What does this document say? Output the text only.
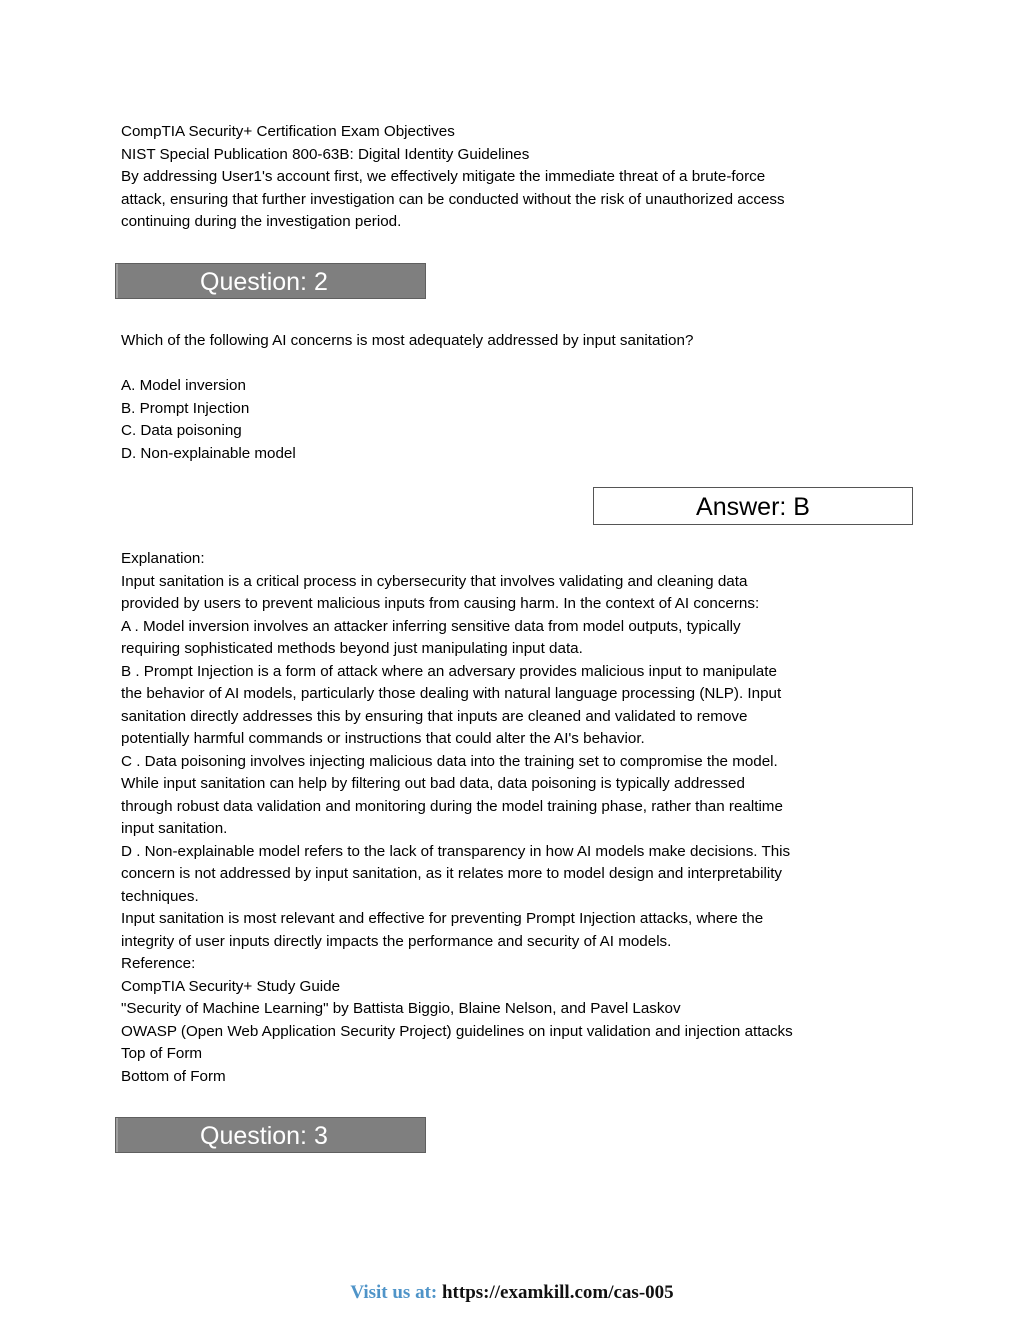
CompTIA Security+ Certification Exam Objectives
NIST Special Publication 800-63B: Digital Identity Guidelines
By addressing User1's account first, we effectively mitigate the immediate threat of a brute-force
attack, ensuring that further investigation can be conducted without the risk of unauthorized access
continuing during the investigation period.
Question: 2
Which of the following AI concerns is most adequately addressed by input sanitation?
A. Model inversion
B. Prompt Injection
C. Data poisoning
D. Non-explainable model
Answer: B
Explanation:
Input sanitation is a critical process in cybersecurity that involves validating and cleaning data
provided by users to prevent malicious inputs from causing harm. In the context of AI concerns:
A . Model inversion involves an attacker inferring sensitive data from model outputs, typically
requiring sophisticated methods beyond just manipulating input data.
B . Prompt Injection is a form of attack where an adversary provides malicious input to manipulate
the behavior of AI models, particularly those dealing with natural language processing (NLP). Input
sanitation directly addresses this by ensuring that inputs are cleaned and validated to remove
potentially harmful commands or instructions that could alter the AI's behavior.
C . Data poisoning involves injecting malicious data into the training set to compromise the model.
While input sanitation can help by filtering out bad data, data poisoning is typically addressed
through robust data validation and monitoring during the model training phase, rather than realtime
input sanitation.
D . Non-explainable model refers to the lack of transparency in how AI models make decisions. This
concern is not addressed by input sanitation, as it relates more to model design and interpretability
techniques.
Input sanitation is most relevant and effective for preventing Prompt Injection attacks, where the
integrity of user inputs directly impacts the performance and security of AI models.
Reference:
CompTIA Security+ Study Guide
"Security of Machine Learning" by Battista Biggio, Blaine Nelson, and Pavel Laskov
OWASP (Open Web Application Security Project) guidelines on input validation and injection attacks
Top of Form
Bottom of Form
Question: 3
Visit us at: https://examkill.com/cas-005
